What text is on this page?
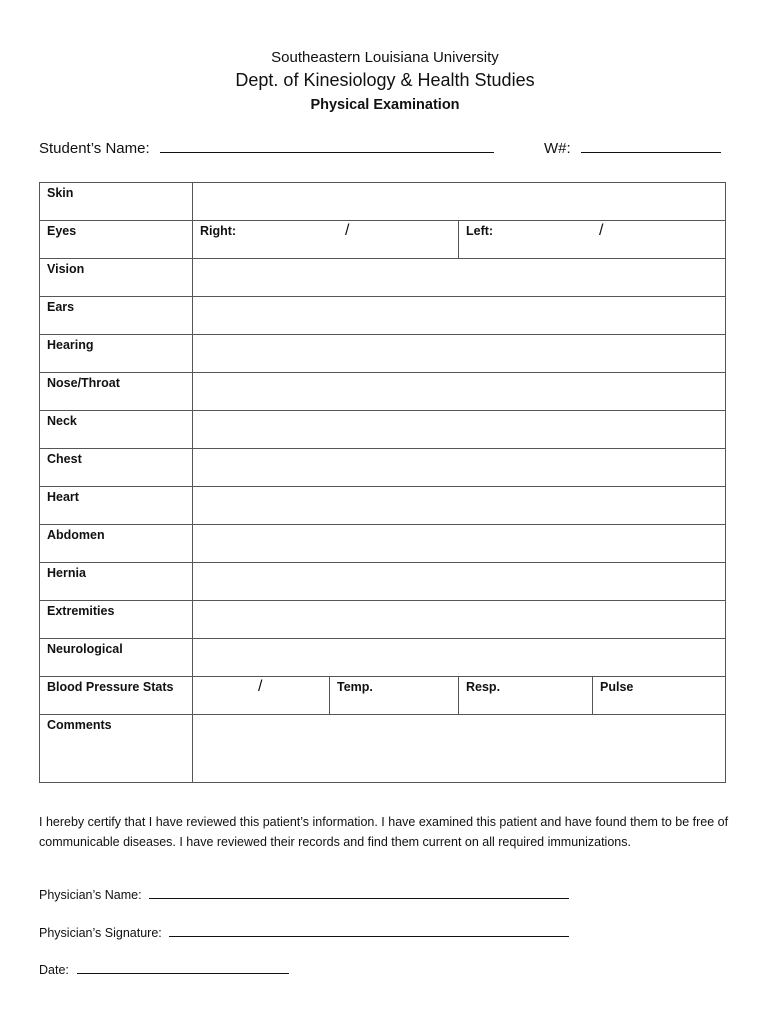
Southeastern Louisiana University
Dept. of Kinesiology & Health Studies
Physical Examination
Student’s Name:	W#:
Skin				
Eyes	Right: /		Left: /	

Vision				
Ears				
Hearing				
Nose/Throat				
Neck				
Chest				
Heart				
Abdomen				
Hernia				
Extremities				
Neurological				
Blood Pressure Stats	/	Temp.	Resp.	Pulse
Comments				
I hereby certify that I have reviewed this patient’s information. I have examined this patient and have found them to be free of communicable diseases. I have reviewed their records and find them current on all required immunizations.
Physician’s Name:
Physician’s Signature:
Date:
